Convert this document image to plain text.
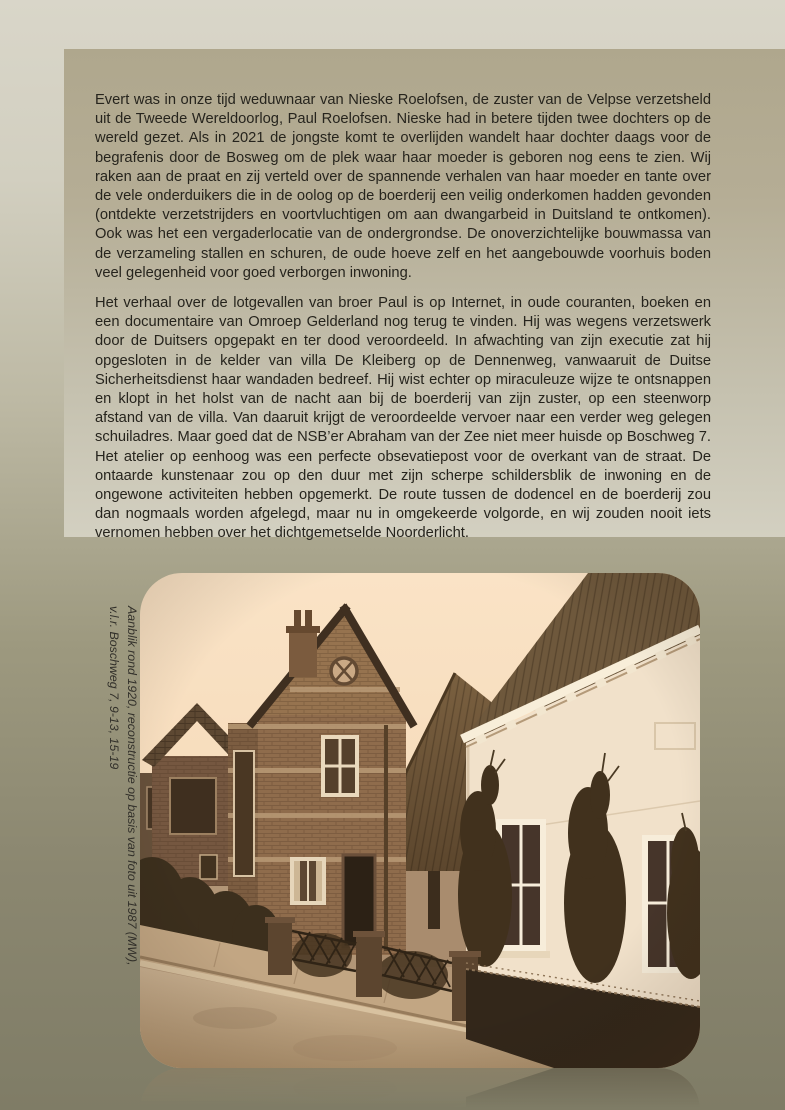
Evert was in onze tijd weduwnaar van Nieske Roelofsen, de zuster van de Velpse verzetsheld uit de Tweede Wereldoorlog, Paul Roelofsen. Nieske had in betere tijden twee dochters op de wereld gezet. Als in 2021 de jongste komt te overlijden wandelt haar dochter daags voor de begrafenis door de Bosweg om de plek waar haar moeder is geboren nog eens te zien. Wij raken aan de praat en zij verteld over de spannende verhalen van haar moeder en tante over de vele onderduikers die in de oolog op de boerderij een veilig onderkomen hadden gevonden (ontdekte verzetstrijders en voortvluchtigen om aan dwangarbeid in Duitsland te ontkomen). Ook was het een vergaderlocatie van de ondergrondse. De onoverzichtelijke bouwmassa van de verzameling stallen en schuren, de oude hoeve zelf en het aangebouwde voorhuis boden veel gelegenheid voor goed verborgen inwoning.

Het verhaal over de lotgevallen van broer Paul is op Internet, in oude couranten, boeken en een documentaire van Omroep Gelderland nog terug te vinden. Hij was wegens verzetswerk door de Duitsers opgepakt en ter dood veroordeeld. In afwachting van zijn executie zat hij opgesloten in de kelder van villa De Kleiberg op de Dennenweg, vanwaaruit de Duitse Sicherheitsdienst haar wandaden bedreef. Hij wist echter op miraculeuze wijze te ontsnappen en klopt in het holst van de nacht aan bij de boerderij van zijn zuster, op een steenworp afstand van de villa. Van daaruit krijgt de veroordeelde vervoer naar een verder weg gelegen schuiladres. Maar goed dat de NSB’er Abraham van der Zee niet meer huisde op Boschweg 7. Het atelier op eenhoog was een perfecte obsevatiepost voor de overkant van de straat. De ontaarde kunstenaar zou op den duur met zijn scherpe schildersblik de inwoning en de ongewone activiteiten hebben opgemerkt. De route tussen de dodencel en de boerderij zou dan nogmaals worden afgelegd, maar nu in omgekeerde volgorde, en wij zouden nooit iets vernomen hebben over het dichtgemetselde Noorderlicht.

Aanblik rond 1920, reconstructie op basis van foto uit 1987 (MW),
v.l.r. Boschweg 7, 9-13, 15-19
